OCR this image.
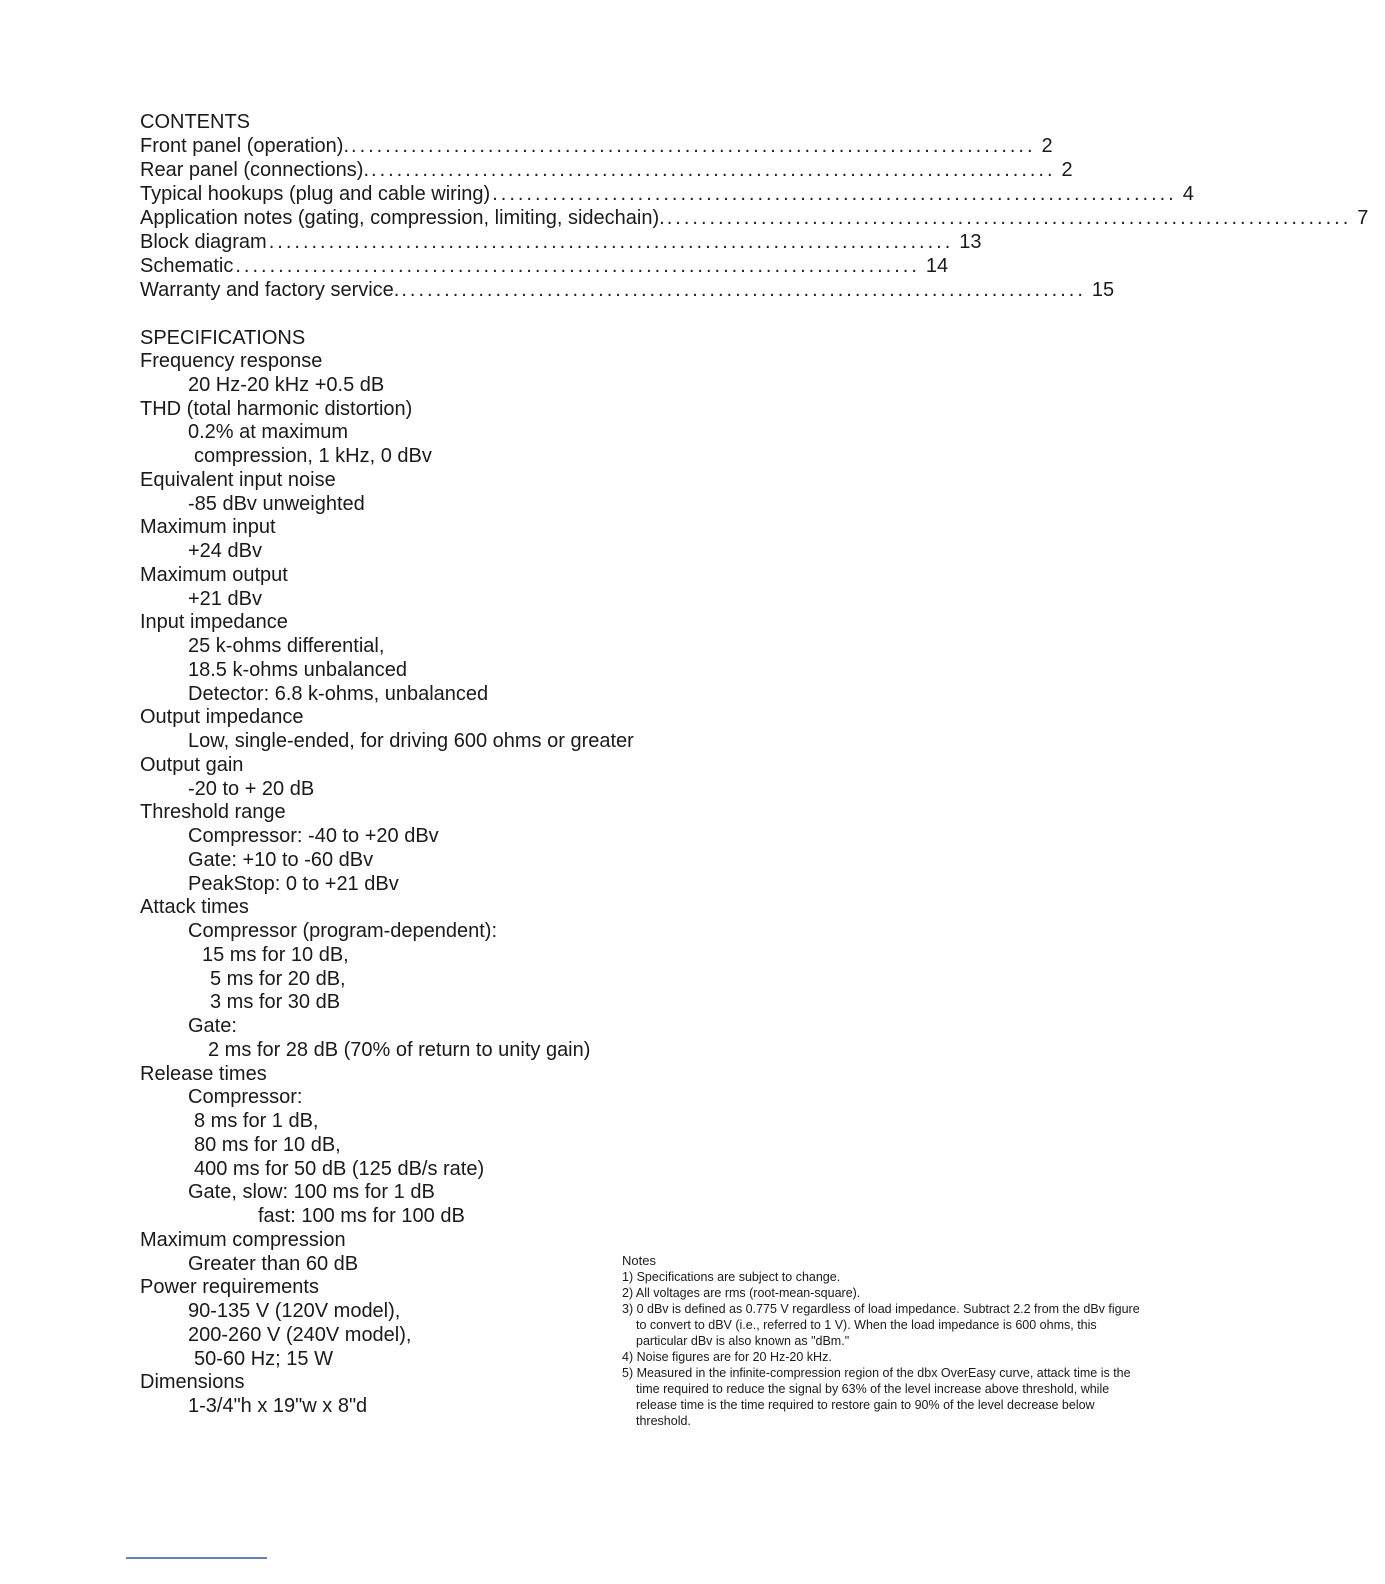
CONTENTS
Front panel (operation). ................................................................................ 2
Rear panel (connections). ................................................................................ 2
Typical hookups (plug and cable wiring) ................................................................................ 4
Application notes (gating, compression, limiting, sidechain). ................................................................................ 7
Block diagram ................................................................................ 13
Schematic ................................................................................ 14
Warranty and factory service. ................................................................................ 15
SPECIFICATIONS
Frequency response
20 Hz-20 kHz +0.5 dB
THD (total harmonic distortion)
0.2% at maximum
compression, 1 kHz, 0 dBv
Equivalent input noise
-85 dBv unweighted
Maximum input
+24 dBv
Maximum output
+21 dBv
Input impedance
25 k-ohms differential,
18.5 k-ohms unbalanced
Detector: 6.8 k-ohms, unbalanced
Output impedance
Low, single-ended, for driving 600 ohms or greater
Output gain
-20 to + 20 dB
Threshold range
Compressor: -40 to +20 dBv
Gate: +10 to -60 dBv
PeakStop: 0 to +21 dBv
Attack times
Compressor (program-dependent):
15 ms for 10 dB,
5 ms for 20 dB,
3 ms for 30 dB
Gate:
2 ms for 28 dB (70% of return to unity gain)
Release times
Compressor:
8 ms for 1 dB,
80 ms for 10 dB,
400 ms for 50 dB (125 dB/s rate)
Gate, slow: 100 ms for 1 dB
fast: 100 ms for 100 dB
Maximum compression
Greater than 60 dB
Power requirements
90-135 V (120V model),
200-260 V (240V model),
50-60 Hz; 15 W
Dimensions
1-3/4"h x 19"w x 8"d
Notes
1) Specifications are subject to change.
2) All voltages are rms (root-mean-square).
3) 0 dBv is defined as 0.775 V regardless of load impedance. Subtract 2.2 from the dBv figure to convert to dBV (i.e., referred to 1 V). When the load impedance is 600 ohms, this particular dBv is also known as "dBm."
4) Noise figures are for 20 Hz-20 kHz.
5) Measured in the infinite-compression region of the dbx OverEasy curve, attack time is the time required to reduce the signal by 63% of the level increase above threshold, while release time is the time required to restore gain to 90% of the level decrease below threshold.
